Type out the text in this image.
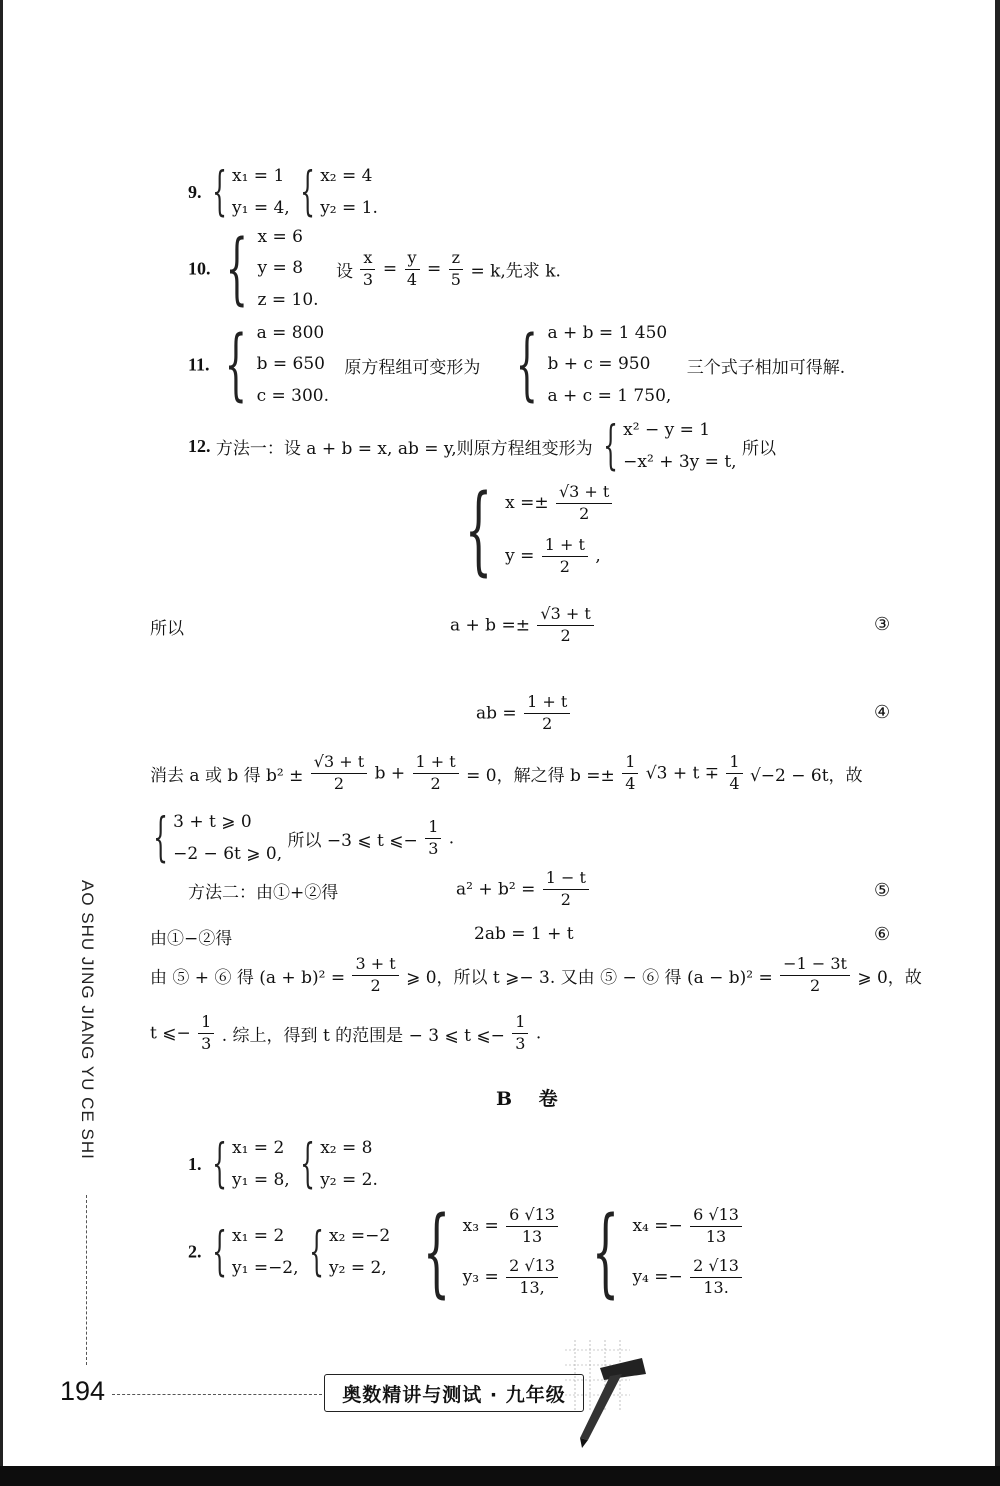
9. { x₁ = 1
y₁ = 4,
{ x₂ = 4
y₂ = 1.
10. { x = 6
y = 8
z = 10.
设 $\frac{x}{3} = \frac{y}{4} = \frac{z}{5} = k$,先求 k.
11. { a = 800
b = 650
c = 300.
原方程组可变形为 { a + b = 1 450
b + c = 950
a + c = 1 750,
三个式子相加可得解.
12. 方法一：设 a + b = x, ab = y,则原方程组变形为 { x² − y = 1
−x² + 3y = t,
所以
{ $x =\pm \frac{√3 + t}{2}$
$y = \frac{1 + t}{2}$ ,
所以	$a + b =\pm \frac{√3 + t}{2}$	③
ab = $\frac{1 + t}{2}$	④
消去 a 或 b 得 $b^2 \pm \frac{√3 + t}{2}$ $b + \frac{1 + t}{2} = 0$，解之得 $b =\pm \frac{1}{4} √3 + t \mp \frac{1}{4} √-2 - 6t$，故
{ 3 + t ⩾ 0
−2 − 6t ⩾ 0,
所以 −3 ⩽ t ⩽− $\frac{1}{3}$ .
方法二：由①+②得	$a^2 + b^2 = \frac{1 - t}{2}$	⑤
由①−②得	2ab = 1 + t	⑥
由 ⑤ + ⑥ 得 $(a + b)^2 = \frac{3 + t}{2}$ ⩾ 0，所以 t ⩾− 3. 又由 ⑤ − ⑥ 得 $(a - b)^2 = \frac{-1 - 3t}{2}$ ⩾ 0，故
t ⩽− $\frac{1}{3}$ . 综上，得到 t 的范围是 − 3 ⩽ t ⩽− $\frac{1}{3}$ .
B 卷
1. { x₁ = 2
y₁ = 8,
{ x₂ = 8
y₂ = 2.
2. { x₁ = 2
y₁ =−2,
{ x₂ =−2
y₂ = 2,
{ $x_3 = \frac{6 √13}{13}$
$y_3 = \frac{2 √13}{13,}$
{ $x_4 =- \frac{6 √13}{13}$
$y_4 =- \frac{2 √13}{13.}$
AO SHU JING JIANG YU CE SHI
194	奥数精讲与测试 · 九年级
